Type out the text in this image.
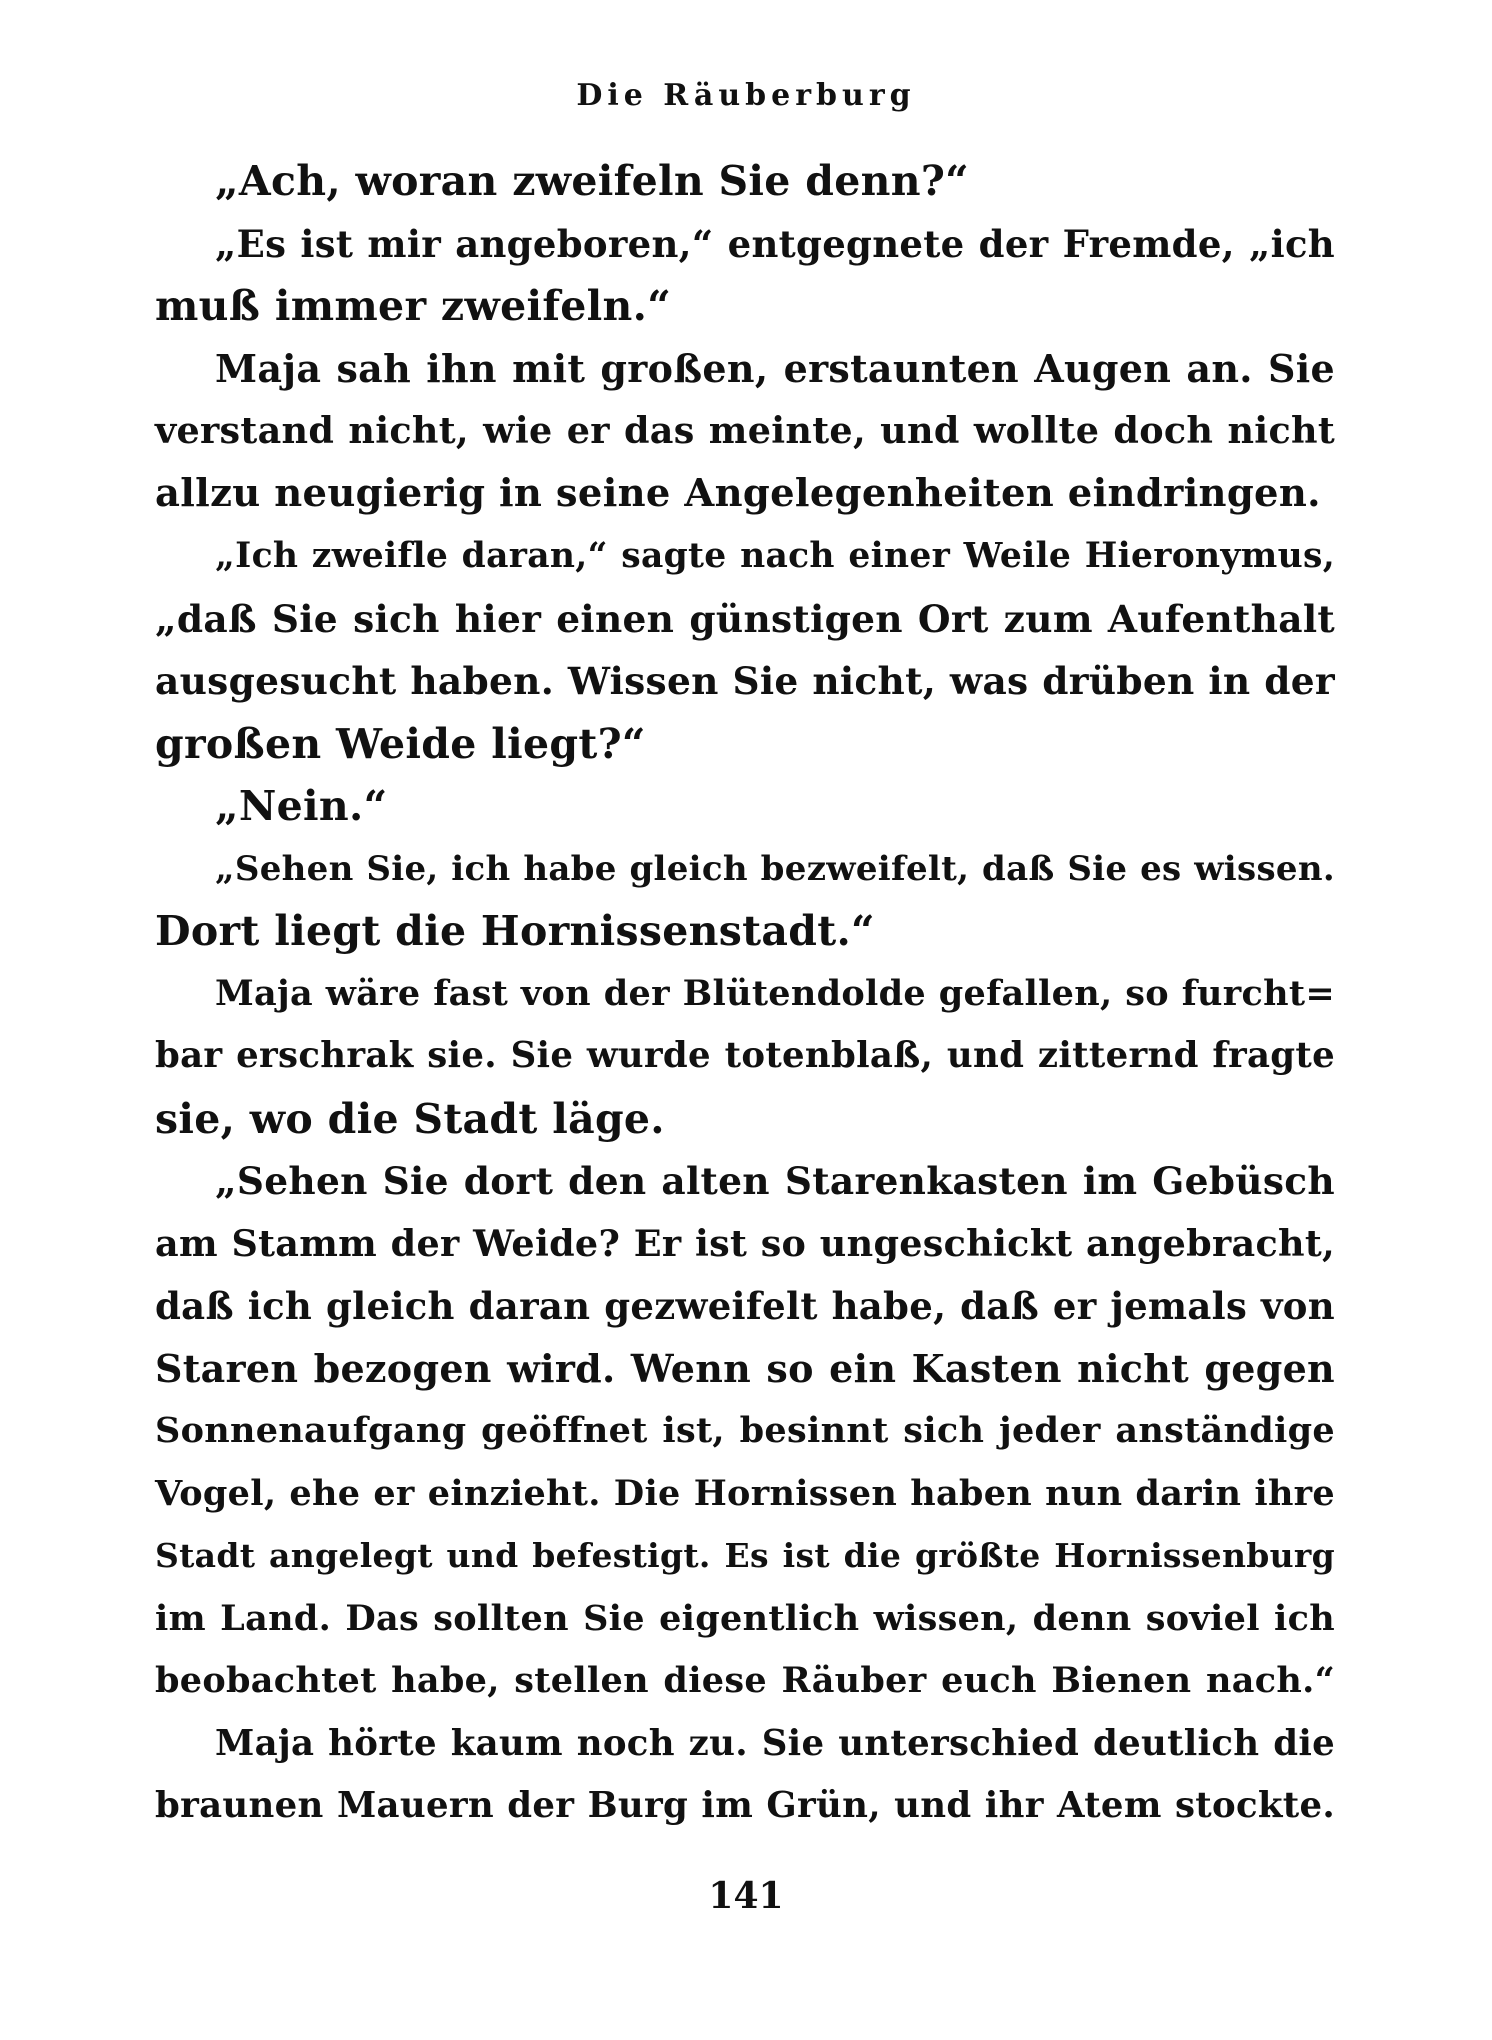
Die Räuberburg
„Ach, woran zweifeln Sie denn?“
„Es ist mir angeboren,“ entgegnete der Fremde, „ich
muß immer zweifeln.“
Maja sah ihn mit großen, erstaunten Augen an. Sie
verstand nicht, wie er das meinte, und wollte doch nicht
allzu neugierig in seine Angelegenheiten eindringen.
„Ich zweifle daran,“ sagte nach einer Weile Hieronymus,
„daß Sie sich hier einen günstigen Ort zum Aufenthalt
ausgesucht haben. Wissen Sie nicht, was drüben in der
großen Weide liegt?“
„Nein.“
„Sehen Sie, ich habe gleich bezweifelt, daß Sie es wissen.
Dort liegt die Hornissenstadt.“
Maja wäre fast von der Blütendolde gefallen, so furcht=
bar erschrak sie. Sie wurde totenblaß, und zitternd fragte
sie, wo die Stadt läge.
„Sehen Sie dort den alten Starenkasten im Gebüsch
am Stamm der Weide? Er ist so ungeschickt angebracht,
daß ich gleich daran gezweifelt habe, daß er jemals von
Staren bezogen wird. Wenn so ein Kasten nicht gegen
Sonnenaufgang geöffnet ist, besinnt sich jeder anständige
Vogel, ehe er einzieht. Die Hornissen haben nun darin ihre
Stadt angelegt und befestigt. Es ist die größte Hornissenburg
im Land. Das sollten Sie eigentlich wissen, denn soviel ich
beobachtet habe, stellen diese Räuber euch Bienen nach.“
Maja hörte kaum noch zu. Sie unterschied deutlich die
braunen Mauern der Burg im Grün, und ihr Atem stockte.
141
